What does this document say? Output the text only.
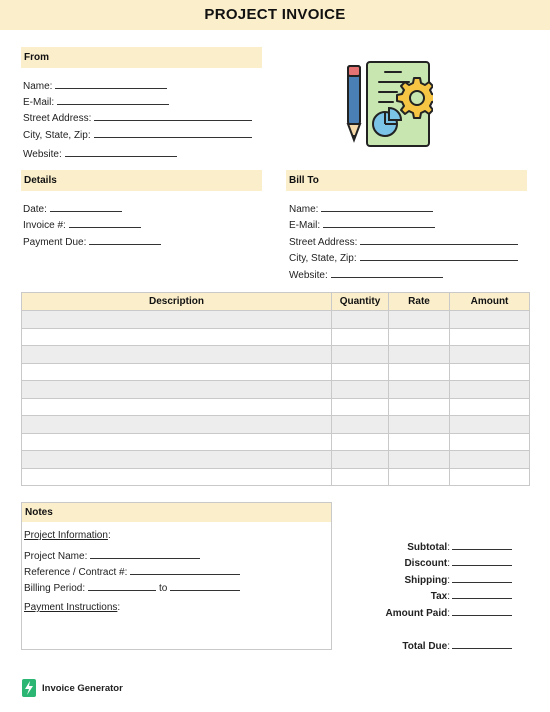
PROJECT INVOICE
From
Name:
E-Mail:
Street Address:
City, State, Zip:
Website:
Details
Date:
Invoice #:
Payment Due:
Bill To
Name:
E-Mail:
Street Address:
City, State, Zip:
Website:
Description	Quantity	Rate	Amount

Notes
Project Information:
Project Name:
Reference / Contract #:
Billing Period:	to
Payment Instructions:
Subtotal:
Discount:
Shipping:
Tax:
Amount Paid:
Total Due:
Invoice Generator
